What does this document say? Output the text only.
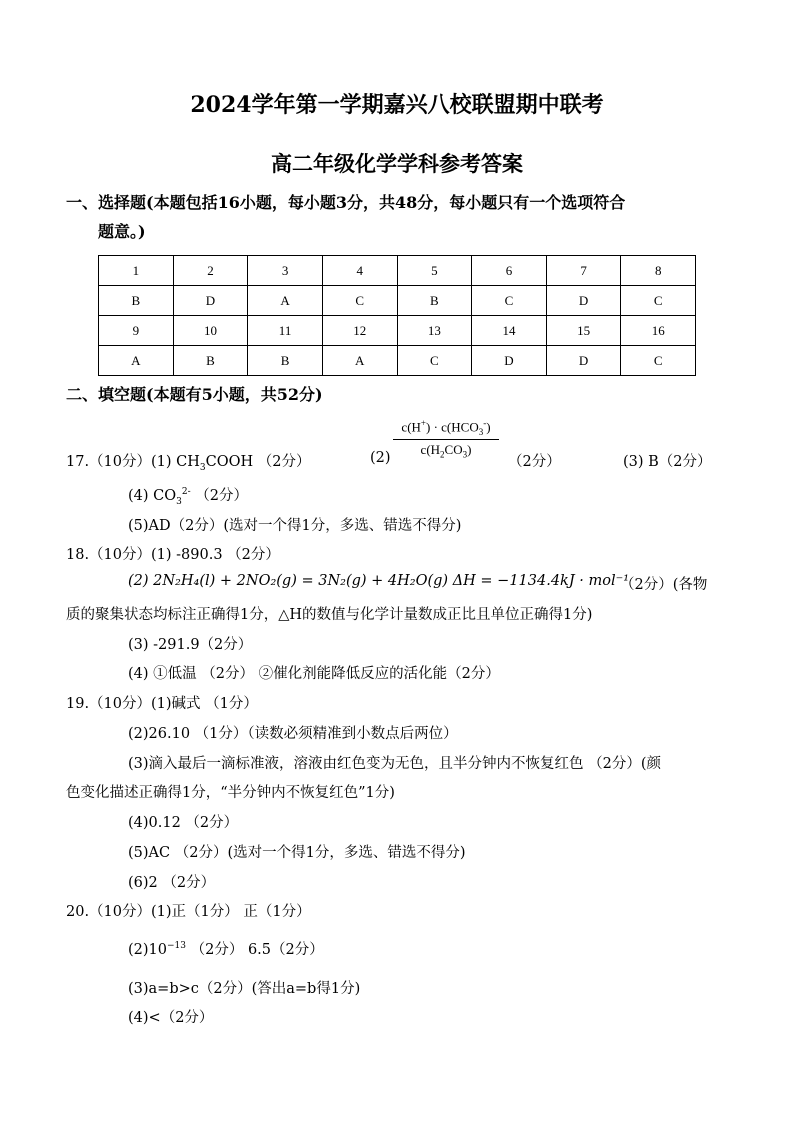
2024学年第一学期嘉兴八校联盟期中联考
高二年级化学学科参考答案
一、选择题(本题包括16小题，每小题3分，共48分，每小题只有一个选项符合
题意。)
1	2	3	4	5	6	7	8
B	D	A	C	B	C	D	C
9	10	11	12	13	14	15	16
A	B	B	A	C	D	D	C
二、填空题(本题有5小题，共52分)
17.（10分）(1) $CH_3COOH$ （2分）	(2)
$c(H^+) \cdot c(HCO_3^-)$
$c(H_2CO_3)$
（2分）	(3) B（2分）
(4) $CO_3^{2-}$ （2分）
(5)AD（2分）(选对一个得1分，多选、错选不得分)
18.（10分）(1) -890.3 （2分）
(2) 2N₂H₄(l) + 2NO₂(g) = 3N₂(g) + 4H₂O(g) ΔH = −1134.4kJ · mol⁻¹
（2分）(各物
质的聚集状态均标注正确得1分，△H的数值与化学计量数成正比且单位正确得1分)
(3) -291.9（2分）
(4) ①低温 （2分） ②催化剂能降低反应的活化能（2分）
19.（10分）(1)碱式 （1分）
(2)26.10 （1分）（读数必须精准到小数点后两位）
(3)滴入最后一滴标准液，溶液由红色变为无色，且半分钟内不恢复红色 （2分）(颜
色变化描述正确得1分，“半分钟内不恢复红色”1分)
(4)0.12 （2分）
(5)AC （2分）(选对一个得1分，多选、错选不得分)
(6)2 （2分）
20.（10分）(1)正（1分） 正（1分）
$(2)10^{-13}$ （2分） 6.5（2分）
(3)a=b>c（2分）(答出a=b得1分)
(4)<（2分）
